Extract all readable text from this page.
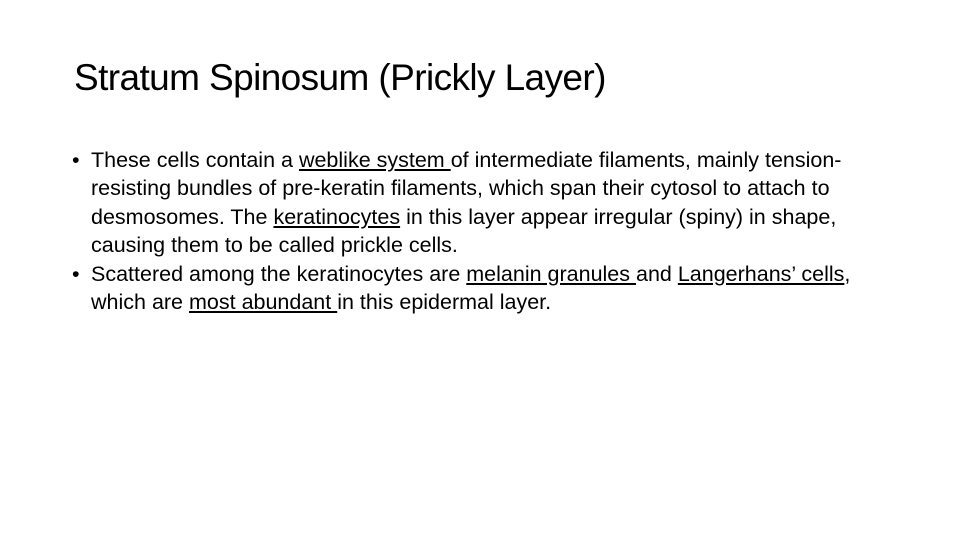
Stratum Spinosum (Prickly Layer)
• These cells contain a weblike system of intermediate filaments, mainly tension-resisting bundles of pre-keratin filaments, which span their cytosol to attach to desmosomes. The keratinocytes in this layer appear irregular (spiny) in shape, causing them to be called prickle cells.
• Scattered among the keratinocytes are melanin granules and Langerhans’ cells, which are most abundant in this epidermal layer.
